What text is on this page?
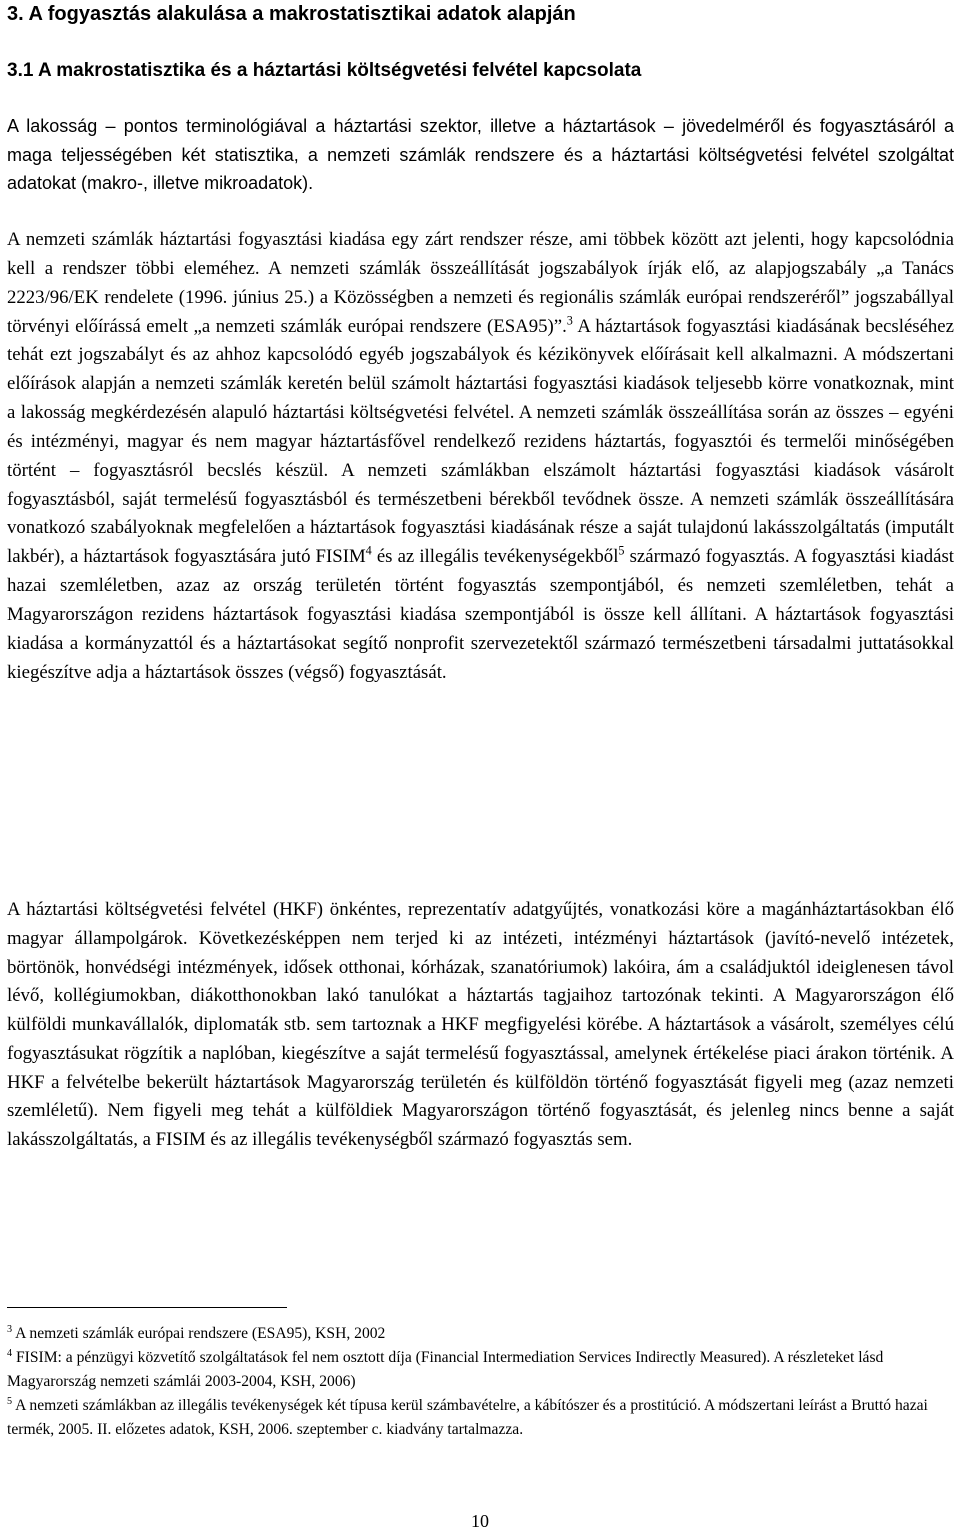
3. A fogyasztás alakulása a makrostatisztikai adatok alapján
3.1 A makrostatisztika és a háztartási költségvetési felvétel kapcsolata

A lakosság – pontos terminológiával a háztartási szektor, illetve a háztartások – jövedelméről és fogyasztásáról a maga teljességében két statisztika, a nemzeti számlák rendszere és a háztartási költségvetési felvétel szolgáltat adatokat (makro-, illetve mikroadatok).

A nemzeti számlák háztartási fogyasztási kiadása egy zárt rendszer része, ami többek között azt jelenti, hogy kapcsolódnia kell a rendszer többi eleméhez. A nemzeti számlák összeállítását jogszabályok írják elő, az alapjogszabály „a Tanács 2223/96/EK rendelete (1996. június 25.) a Közösségben a nemzeti és regionális számlák európai rendszeréről” jogszabállyal törvényi előírássá emelt „a nemzeti számlák európai rendszere (ESA95)”.$^3$ A háztartások fogyasztási kiadásának becsléséhez tehát ezt jogszabályt és az ahhoz kapcsolódó egyéb jogszabályok és kézikönyvek előírásait kell alkalmazni. A módszertani előírások alapján a nemzeti számlák keretén belül számolt háztartási fogyasztási kiadások teljesebb körre vonatkoznak, mint a lakosság megkérdezésén alapuló háztartási költségvetési felvétel. A nemzeti számlák összeállítása során az összes – egyéni és intézményi, magyar és nem magyar háztartásfővel rendelkező rezidens háztartás, fogyasztói és termelői minőségében történt – fogyasztásról becslés készül. A nemzeti számlákban elszámolt háztartási fogyasztási kiadások vásárolt fogyasztásból, saját termelésű fogyasztásból és természetbeni bérekből tevődnek össze. A nemzeti számlák összeállítására vonatkozó szabályoknak megfelelően a háztartások fogyasztási kiadásának része a saját tulajdonú lakásszolgáltatás (imputált lakbér), a háztartások fogyasztására jutó FISIM$^4$ és az illegális tevékenységekből$^5$ származó fogyasztás. A fogyasztási kiadást hazai szemléletben, azaz az ország területén történt fogyasztás szempontjából, és nemzeti szemléletben, tehát a Magyarországon rezidens háztartások fogyasztási kiadása szempontjából is össze kell állítani. A háztartások fogyasztási kiadása a kormányzattól és a háztartásokat segítő nonprofit szervezetektől származó természetbeni társadalmi juttatásokkal kiegészítve adja a háztartások összes (végső) fogyasztását.

A háztartási költségvetési felvétel (HKF) önkéntes, reprezentatív adatgyűjtés, vonatkozási köre a magánháztartásokban élő magyar állampolgárok. Következésképpen nem terjed ki az intézeti, intézményi háztartások (javító-nevelő intézetek, börtönök, honvédségi intézmények, idősek otthonai, kórházak, szanatóriumok) lakóira, ám a családjuktól ideiglenesen távol lévő, kollégiumokban, diákotthonokban lakó tanulókat a háztartás tagjaihoz tartozónak tekinti. A Magyarországon élő külföldi munkavállalók, diplomaták stb. sem tartoznak a HKF megfigyelési körébe. A háztartások a vásárolt, személyes célú fogyasztásukat rögzítik a naplóban, kiegészítve a saját termelésű fogyasztással, amelynek értékelése piaci árakon történik. A HKF a felvételbe bekerült háztartások Magyarország területén és külföldön történő fogyasztását figyeli meg (azaz nemzeti szemléletű). Nem figyeli meg tehát a külföldiek Magyarországon történő fogyasztását, és jelenleg nincs benne a saját lakásszolgáltatás, a FISIM és az illegális tevékenységből származó fogyasztás sem.

$^3$ A nemzeti számlák európai rendszere (ESA95), KSH, 2002

$^4$ FISIM: a pénzügyi közvetítő szolgáltatások fel nem osztott díja (Financial Intermediation Services Indirectly Measured). A részleteket lásd Magyarország nemzeti számlái 2003-2004, KSH, 2006)

$^5$ A nemzeti számlákban az illegális tevékenységek két típusa kerül számbavételre, a kábítószer és a prostitúció. A módszertani leírást a Bruttó hazai termék, 2005. II. előzetes adatok, KSH, 2006. szeptember c. kiadvány tartalmazza.

10
